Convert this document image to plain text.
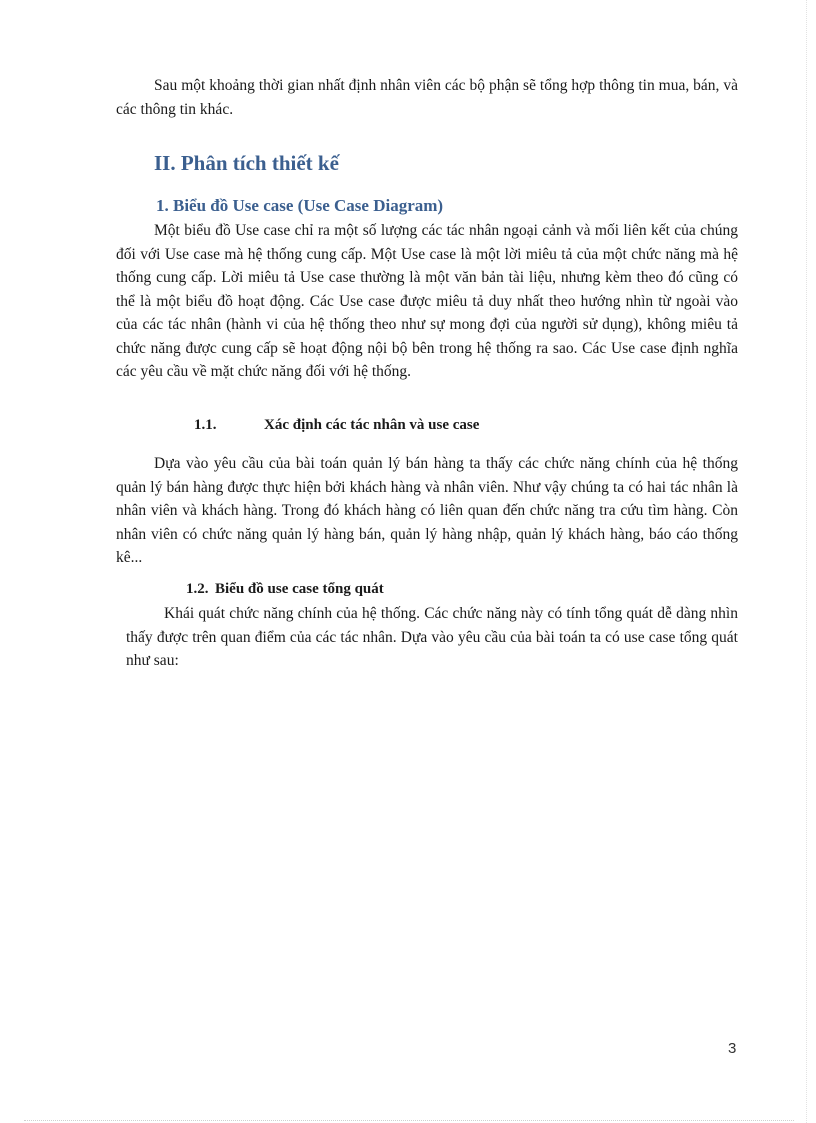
Sau một khoảng thời gian nhất định nhân viên các bộ phận sẽ tổng hợp thông tin mua, bán, và các thông tin khác.

II. Phân tích thiết kế
1. Biểu đồ Use case (Use Case Diagram)

Một biểu đồ Use case chỉ ra một số lượng các tác nhân ngoại cảnh và mối liên kết của chúng đối với Use case mà hệ thống cung cấp. Một Use case là một lời miêu tả của một chức năng mà hệ thống cung cấp. Lời miêu tả Use case thường là một văn bản tài liệu, nhưng kèm theo đó cũng có thể là một biểu đồ hoạt động. Các Use case được miêu tả duy nhất theo hướng nhìn từ ngoài vào của các tác nhân (hành vi của hệ thống theo như sự mong đợi của người sử dụng), không miêu tả chức năng được cung cấp sẽ hoạt động nội bộ bên trong hệ thống ra sao. Các Use case định nghĩa các yêu cầu về mặt chức năng đối với hệ thống.

1.1.	Xác định các tác nhân và use case

Dựa vào yêu cầu của bài toán quản lý bán hàng ta thấy các chức năng chính của hệ thống quản lý bán hàng được thực hiện bởi khách hàng và nhân viên. Như vậy chúng ta có hai tác nhân là nhân viên và khách hàng. Trong đó khách hàng có liên quan đến chức năng tra cứu tìm hàng. Còn nhân viên có chức năng quản lý hàng bán, quản lý hàng nhập, quản lý khách hàng, báo cáo thống kê...

1.2. Biểu đồ use case tổng quát

Khái quát chức năng chính của hệ thống. Các chức năng này có tính tổng quát dễ dàng nhìn thấy được trên quan điểm của các tác nhân. Dựa vào yêu cầu của bài toán ta có use case tổng quát như sau:

3
